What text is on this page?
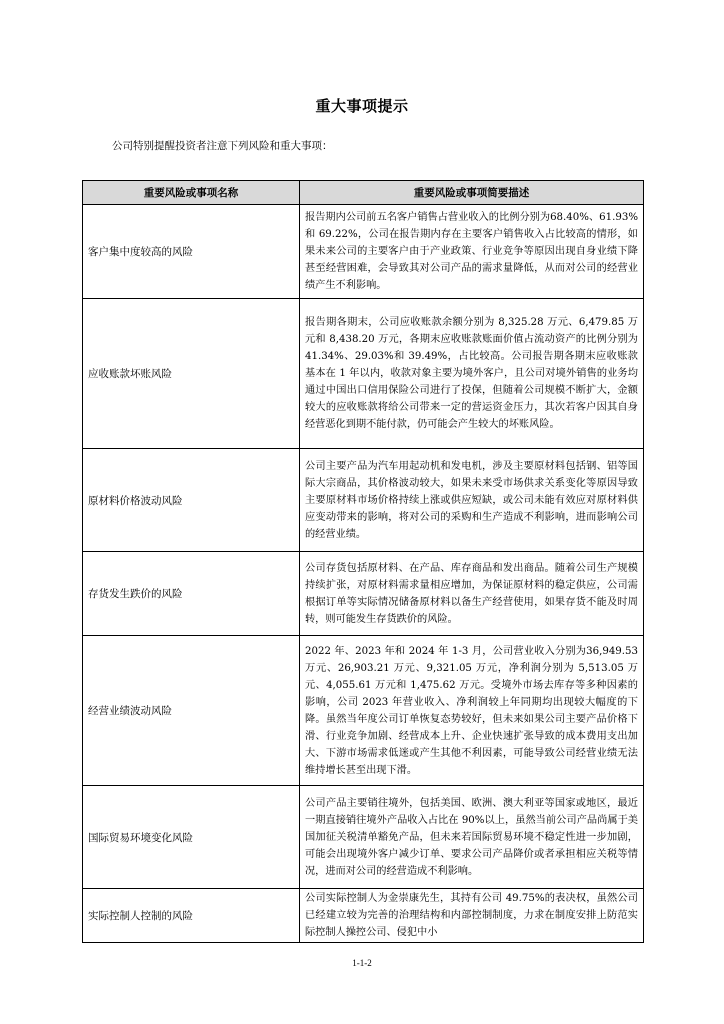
重大事项提示
公司特别提醒投资者注意下列风险和重大事项：
重要风险或事项名称	重要风险或事项简要描述
客户集中度较高的风险	报告期内公司前五名客户销售占营业收入的比例分别为68.40%、61.93%和 69.22%，公司在报告期内存在主要客户销售收入占比较高的情形，如果未来公司的主要客户由于产业政策、行业竞争等原因出现自身业绩下降甚至经营困难，会导致其对公司产品的需求量降低，从而对公司的经营业绩产生不利影响。
应收账款坏账风险	报告期各期末，公司应收账款余额分别为 8,325.28 万元、6,479.85 万元和 8,438.20 万元，各期末应收账款账面价值占流动资产的比例分别为 41.34%、29.03%和 39.49%，占比较高。公司报告期各期末应收账款基本在 1 年以内，收款对象主要为境外客户，且公司对境外销售的业务均通过中国出口信用保险公司进行了投保，但随着公司规模不断扩大，金额较大的应收账款将给公司带来一定的营运资金压力，其次若客户因其自身经营恶化到期不能付款，仍可能会产生较大的坏账风险。
原材料价格波动风险	公司主要产品为汽车用起动机和发电机，涉及主要原材料包括钢、铝等国际大宗商品，其价格波动较大，如果未来受市场供求关系变化等原因导致主要原材料市场价格持续上涨或供应短缺，或公司未能有效应对原材料供应变动带来的影响，将对公司的采购和生产造成不利影响，进而影响公司的经营业绩。
存货发生跌价的风险	公司存货包括原材料、在产品、库存商品和发出商品。随着公司生产规模持续扩张，对原材料需求量相应增加，为保证原材料的稳定供应，公司需根据订单等实际情况储备原材料以备生产经营使用，如果存货不能及时周转，则可能发生存货跌价的风险。
经营业绩波动风险	2022 年、2023 年和 2024 年 1-3 月，公司营业收入分别为36,949.53 万元、26,903.21 万元、9,321.05 万元，净利润分别为 5,513.05 万元、4,055.61 万元和 1,475.62 万元。受境外市场去库存等多种因素的影响，公司 2023 年营业收入、净利润较上年同期均出现较大幅度的下降。虽然当年度公司订单恢复态势较好，但未来如果公司主要产品价格下滑、行业竞争加剧、经营成本上升、企业快速扩张导致的成本费用支出加大、下游市场需求低迷或产生其他不利因素，可能导致公司经营业绩无法维持增长甚至出现下滑。
国际贸易环境变化风险	公司产品主要销往境外，包括美国、欧洲、澳大利亚等国家或地区，最近一期直接销往境外产品收入占比在 90%以上，虽然当前公司产品尚属于美国加征关税清单豁免产品，但未来若国际贸易环境不稳定性进一步加剧，可能会出现境外客户减少订单、要求公司产品降价或者承担相应关税等情况，进而对公司的经营造成不利影响。
实际控制人控制的风险	公司实际控制人为金崇康先生，其持有公司 49.75%的表决权，虽然公司已经建立较为完善的治理结构和内部控制制度，力求在制度安排上防范实际控制人操控公司、侵犯中小
1-1-2
